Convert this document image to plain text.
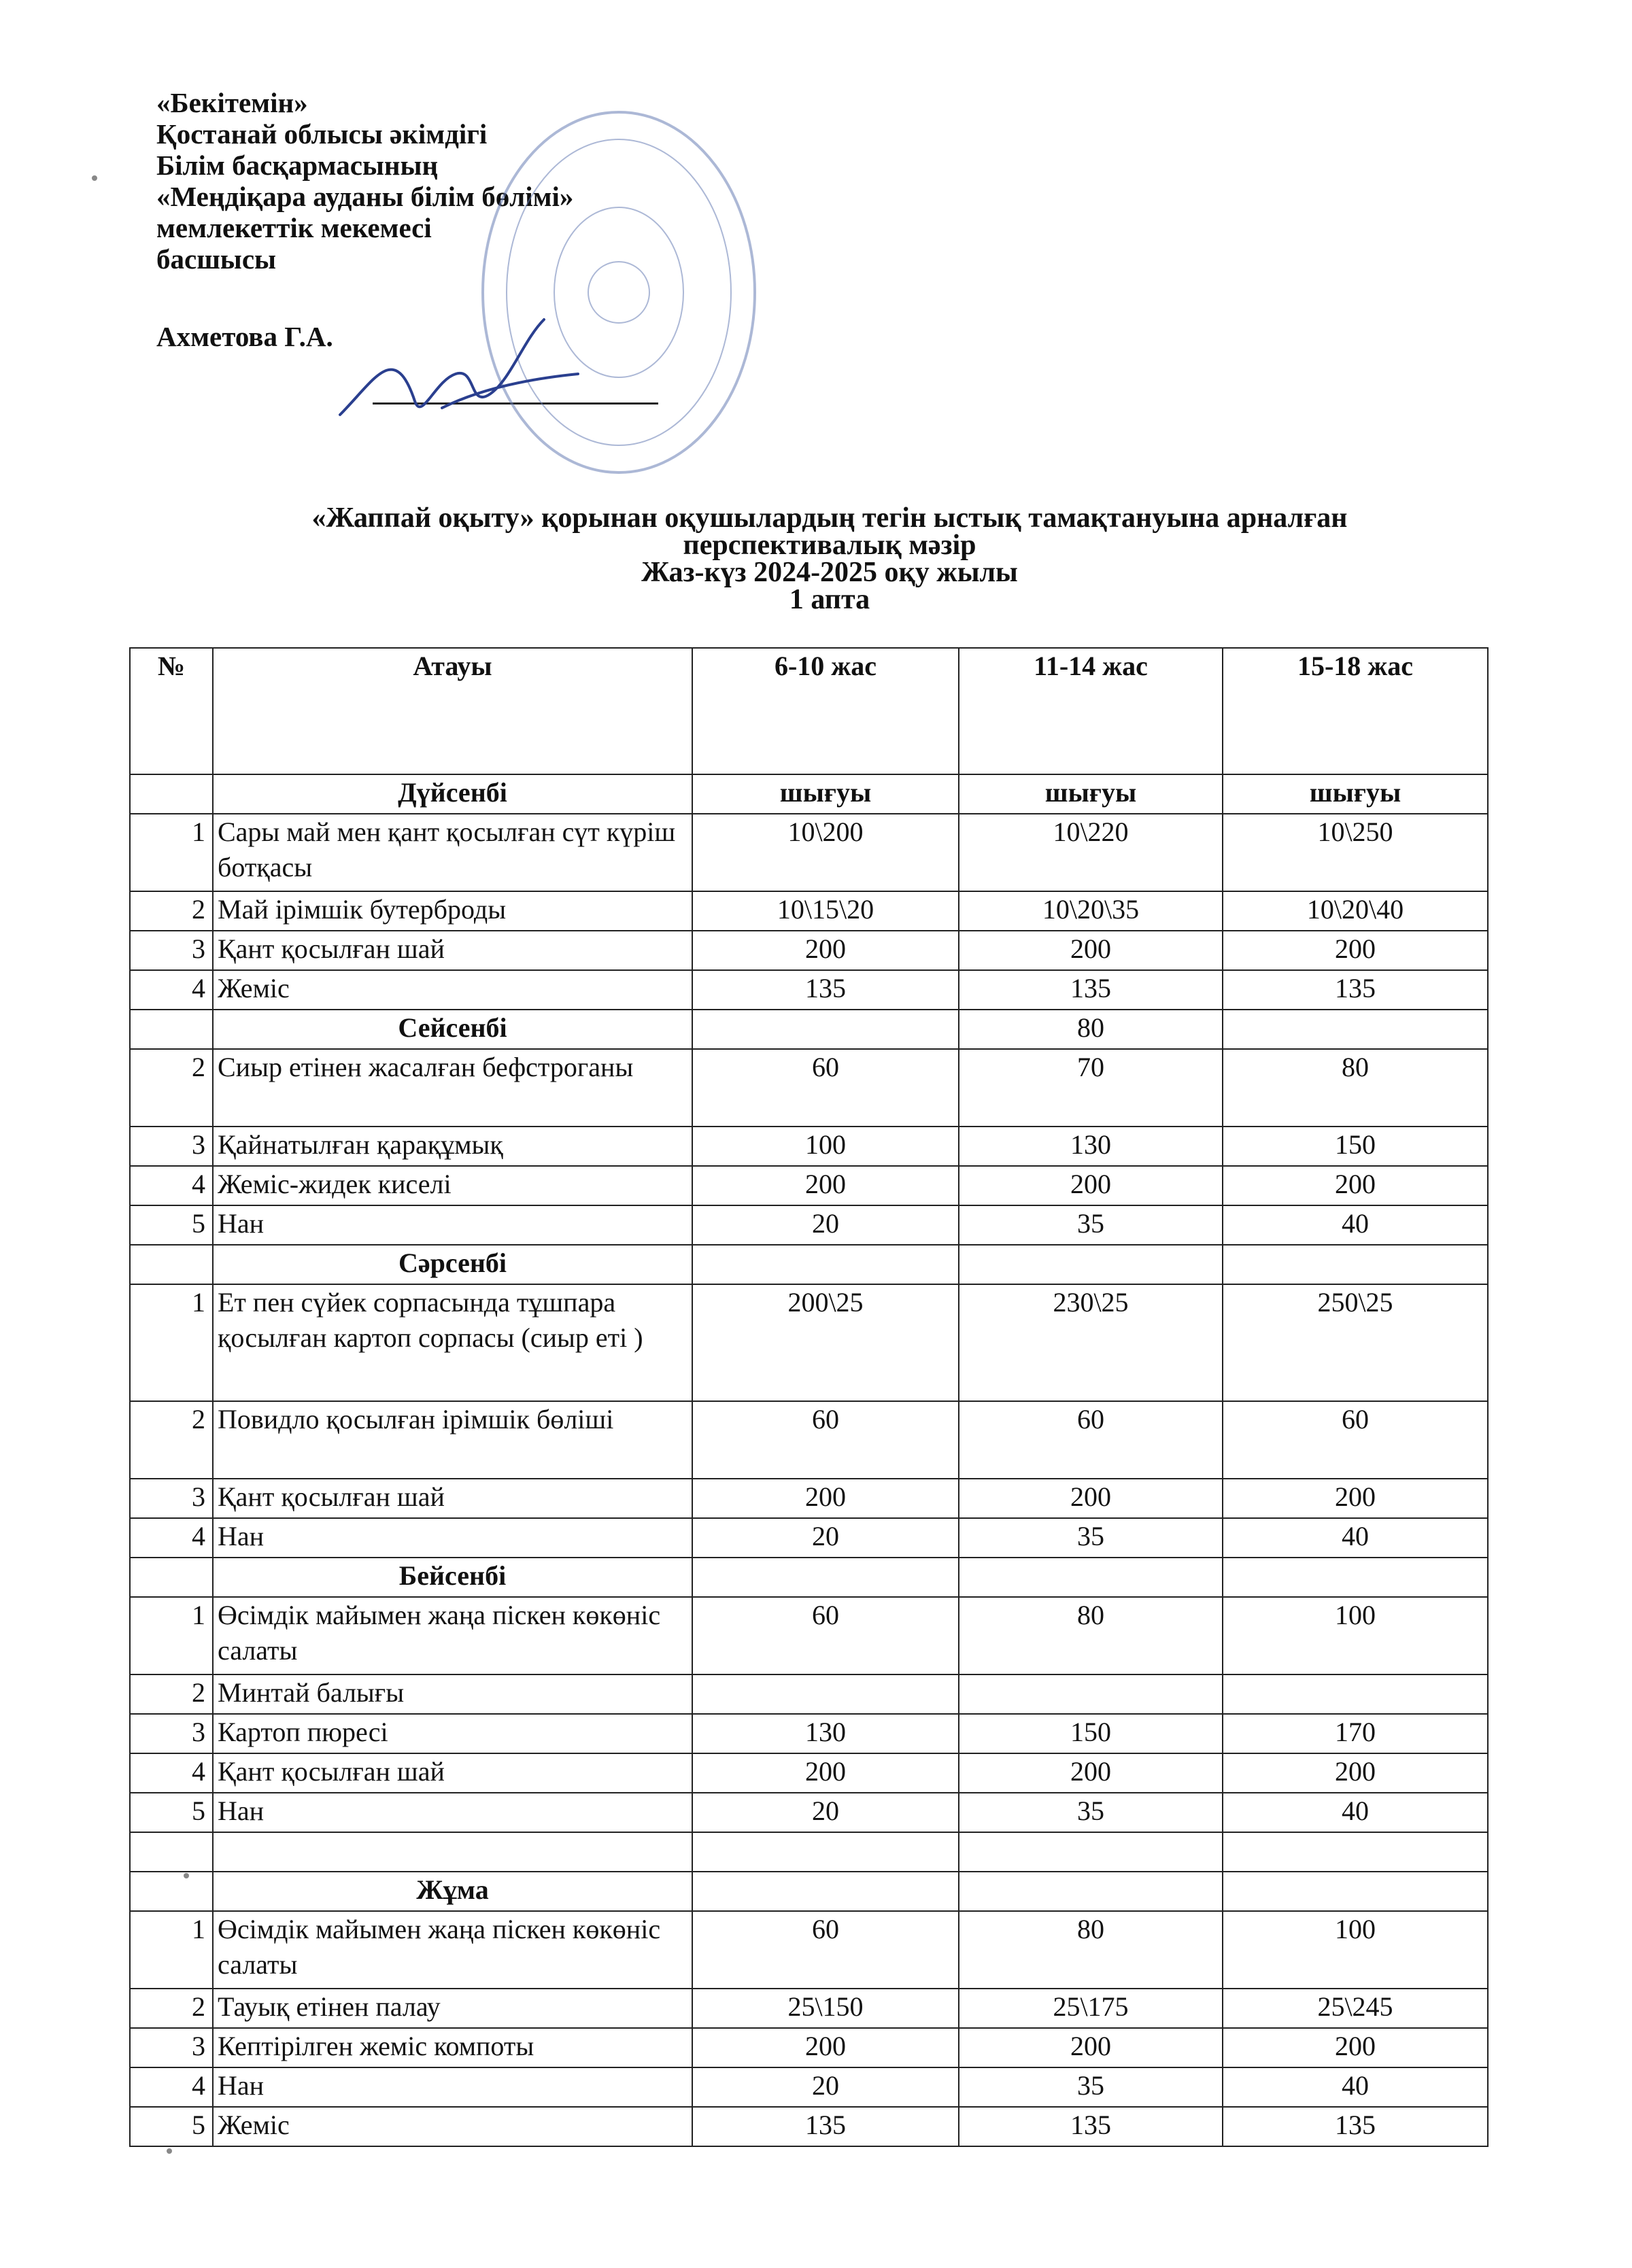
«Бекітемін»
Қостанай облысы әкімдігі
Білім басқармасының
«Меңдіқара ауданы білім бөлімі»
мемлекеттік мекемесі
басшысы

Ахметова Г.А.
«Жаппай оқыту» қорынан оқушылардың тегін ыстық тамақтануына арналған
перспективалық мәзір
Жаз-күз 2024-2025 оқу жылы
1 апта
№	Атауы	6-10 жас	11-14 жас	15-18 жас
	Дүйсенбі	шығуы	шығуы	шығуы
1	Сары май мен қант қосылған сүт күріш ботқасы	10\200	10\220	10\250
2	Май ірімшік бутерброды	10\15\20	10\20\35	10\20\40
3	Қант қосылған шай	200	200	200
4	Жеміс	135	135	135
	Сейсенбі		80	
2	Сиыр етінен жасалған бефстроганы	60	70	80
3	Қайнатылған қарақұмық	100	130	150
4	Жеміс-жидек киселі	200	200	200
5	Нан	20	35	40
	Сәрсенбі			
1	Ет пен сүйек сорпасында тұшпара қосылған картоп сорпасы (сиыр еті )	200\25	230\25	250\25
2	Повидло қосылған ірімшік бөліші	60	60	60
3	Қант қосылған шай	200	200	200
4	Нан	20	35	40
	Бейсенбі			
1	Өсімдік майымен жаңа піскен көкөніс салаты	60	80	100
2	Минтай балығы			
3	Картоп пюресі	130	150	170
4	Қант қосылған шай	200	200	200
5	Нан	20	35	40

	Жұма			
1	Өсімдік майымен жаңа піскен көкөніс салаты	60	80	100
2	Тауық етінен палау	25\150	25\175	25\245
3	Кептірілген жеміс компоты	200	200	200
4	Нан	20	35	40
5	Жеміс	135	135	135
